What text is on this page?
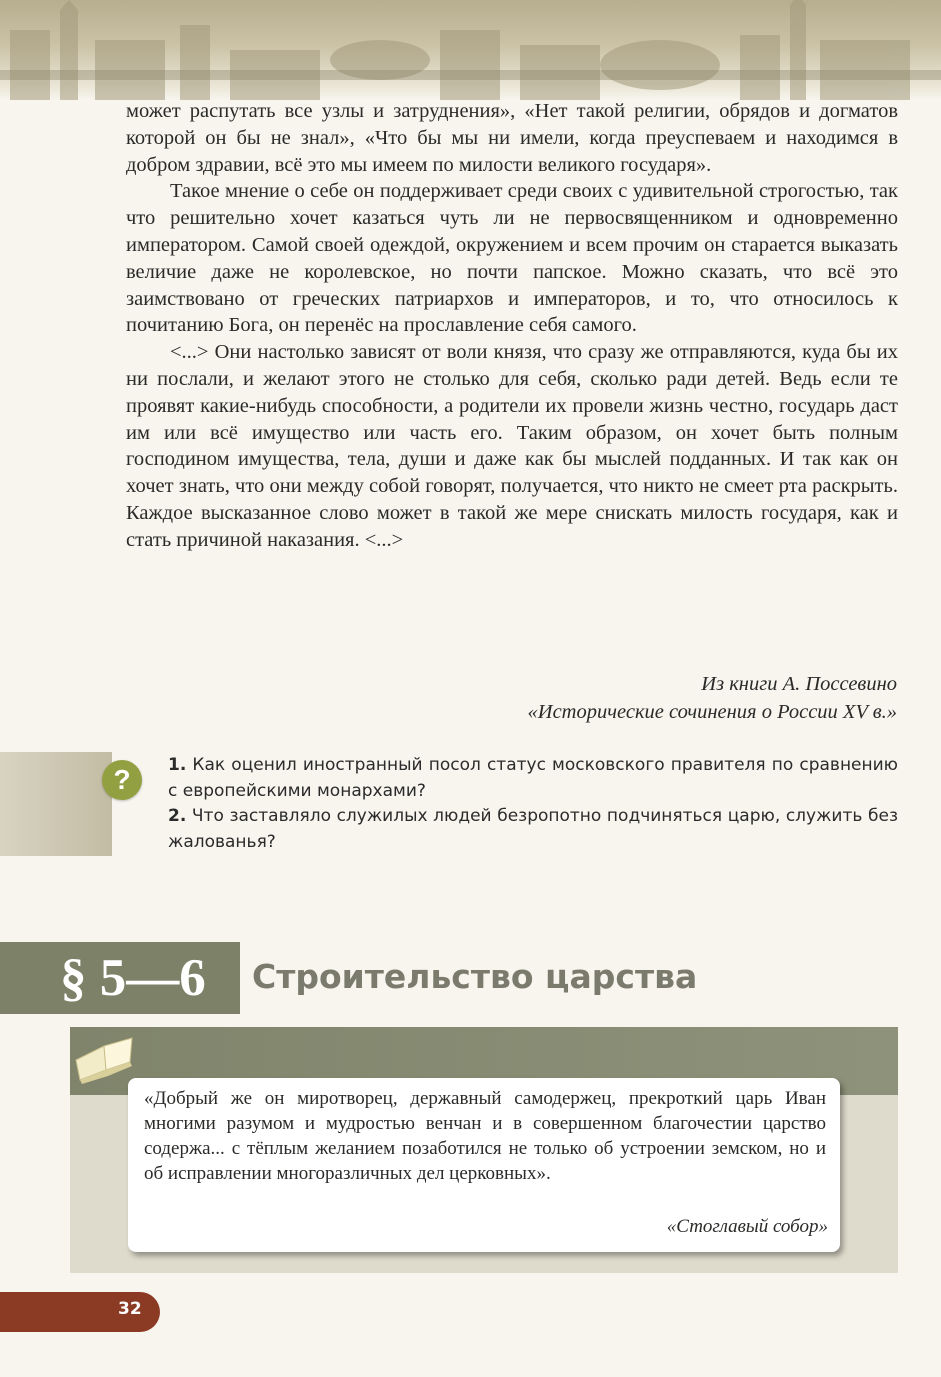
может распутать все узлы и затруднения», «Нет такой религии, обрядов и догматов которой он бы не знал», «Что бы мы ни имели, когда преуспеваем и находимся в добром здравии, всё это мы имеем по милости великого государя».

Такое мнение о себе он поддерживает среди своих с удивительной строгостью, так что решительно хочет казаться чуть ли не первосвященником и одновременно императором. Самой своей одеждой, окружением и всем прочим он старается выказать величие даже не королевское, но почти папское. Можно сказать, что всё это заимствовано от греческих патриархов и императоров, и то, что относилось к почитанию Бога, он перенёс на прославление себя самого.

<...> Они настолько зависят от воли князя, что сразу же отправляются, куда бы их ни послали, и желают этого не столько для себя, сколько ради детей. Ведь если те проявят какие-нибудь способности, а родители их провели жизнь честно, государь даст им или всё имущество или часть его. Таким образом, он хочет быть полным господином имущества, тела, души и даже как бы мыслей подданных. И так как он хочет знать, что они между собой говорят, получается, что никто не смеет рта раскрыть. Каждое высказанное слово может в такой же мере снискать милость государя, как и стать причиной наказания. <...>

Из книги А. Поссевино
«Исторические сочинения о России XV в.»
?	1. Как оценил иностранный посол статус московского правителя по сравнению с европейскими монархами?

2. Что заставляло служилых людей безропотно подчиняться царю, служить без жалованья?

§ 5—6 Строительство царства
«Добрый же он миротворец, державный самодержец, прекроткий царь Иван многими разумом и мудростью венчан и в совершенном благочестии царство содержа... с тёплым желанием позаботился не только об устроении земском, но и об исправлении многоразличных дел церковных».
«Стоглавый собор»
32
